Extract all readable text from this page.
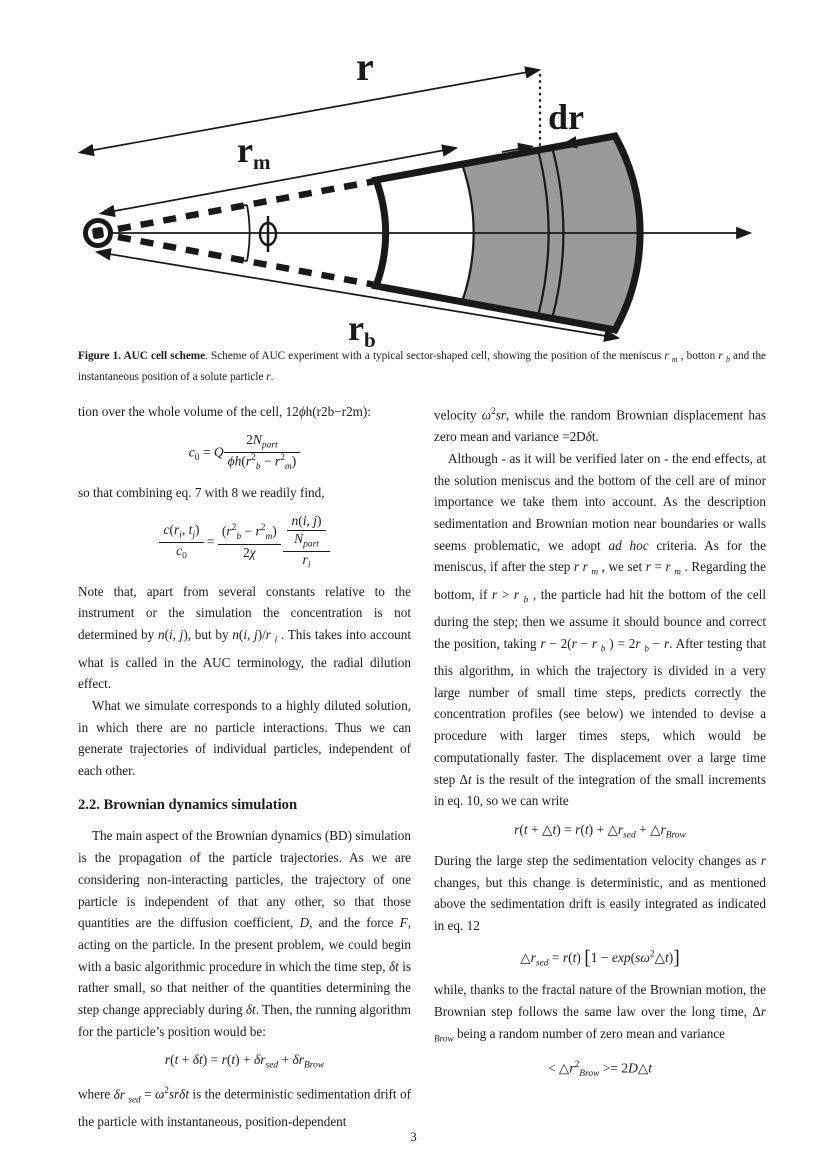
r
dr
rm
rb
Figure 1. AUC cell scheme. Scheme of AUC experiment with a typical sector-shaped cell, showing the position of the meniscus r $_m$ , botton r $_b$ and the instantaneous position of a solute particle r.

tion over the whole volume of the cell, 12ϕh(r2b−r2m):

$c_0 = Q \frac{2N_{part}}{\phi h(r^2_b - r^2_m)}$

so that combining eq. 7 with 8 we readily find,

$\frac{c(r_i, t_j)}{c_0} = \frac{(r^2_b - r^2_m)}{2\chi}$
  $\frac{\frac{n(i, j)}{N_{part}}}{r_i}$

Note that, apart from several constants relative to the instrument or the simulation the concentration is not determined by n(i, j), but by n(i, j)/r $_i$ . This takes into account what is called in the AUC terminology, the radial dilution effect.

What we simulate corresponds to a highly diluted solution, in which there are no particle interactions. Thus we can generate trajectories of individual particles, independent of each other.

2.2. Brownian dynamics simulation

The main aspect of the Brownian dynamics (BD) simulation is the propagation of the particle trajectories. As we are considering non-interacting particles, the trajectory of one particle is independent of that any other, so that those quantities are the diffusion coefficient, D, and the force F, acting on the particle. In the present problem, we could begin with a basic algorithmic procedure in which the time step, δt is rather small, so that neither of the quantities determining the step change appreciably during δt. Then, the running algorithm for the particle’s position would be:

$r(t + \delta t) = r(t) + \delta r_{sed} + \delta r_{Brow}$

where δr $_{sed} = \omega^2sr\delta t$ is the deterministic sedimentation drift of the particle with instantaneous, position-dependent

velocity $\omega^2sr$, while the random Brownian displacement has zero mean and variance =2Dδt.

Although - as it will be verified later on - the end effects, at the solution meniscus and the bottom of the cell are of minor importance we take them into account. As the description sedimentation and Brownian motion near boundaries or walls seems problematic, we adopt ad hoc criteria. As for the meniscus, if after the step r r $_m$ , we set r = r $_m$ . Regarding the bottom, if r > r $_b$ , the particle had hit the bottom of the cell during the step; then we assume it should bounce and correct the position, taking r − 2(r − r $_b$ ) = 2r $_b$ − r. After testing that this algorithm, in which the trajectory is divided in a very large number of small time steps, predicts correctly the concentration profiles (see below) we intended to devise a procedure with larger times steps, which would be computationally faster. The displacement over a large time step Δt is the result of the integration of the small increments in eq. 10, so we can write

r(t + △t) = $r(t) + \triangle r_{sed}$ + $\triangle r_{Brow}$

During the large step the sedimentation velocity changes as r changes, but this change is deterministic, and as mentioned above the sedimentation drift is easily integrated as indicated in eq. 12

$\triangle r_{sed} = r(t) [1$ − $\exp(s\omega^2\triangle t)$]

while, thanks to the fractal nature of the Brownian motion, the Brownian step follows the same law over the long time, Δr $_{Brow}$ being a random number of zero mean and variance

< $\triangle r^2_{Brow}$ >= 2D△t
3
